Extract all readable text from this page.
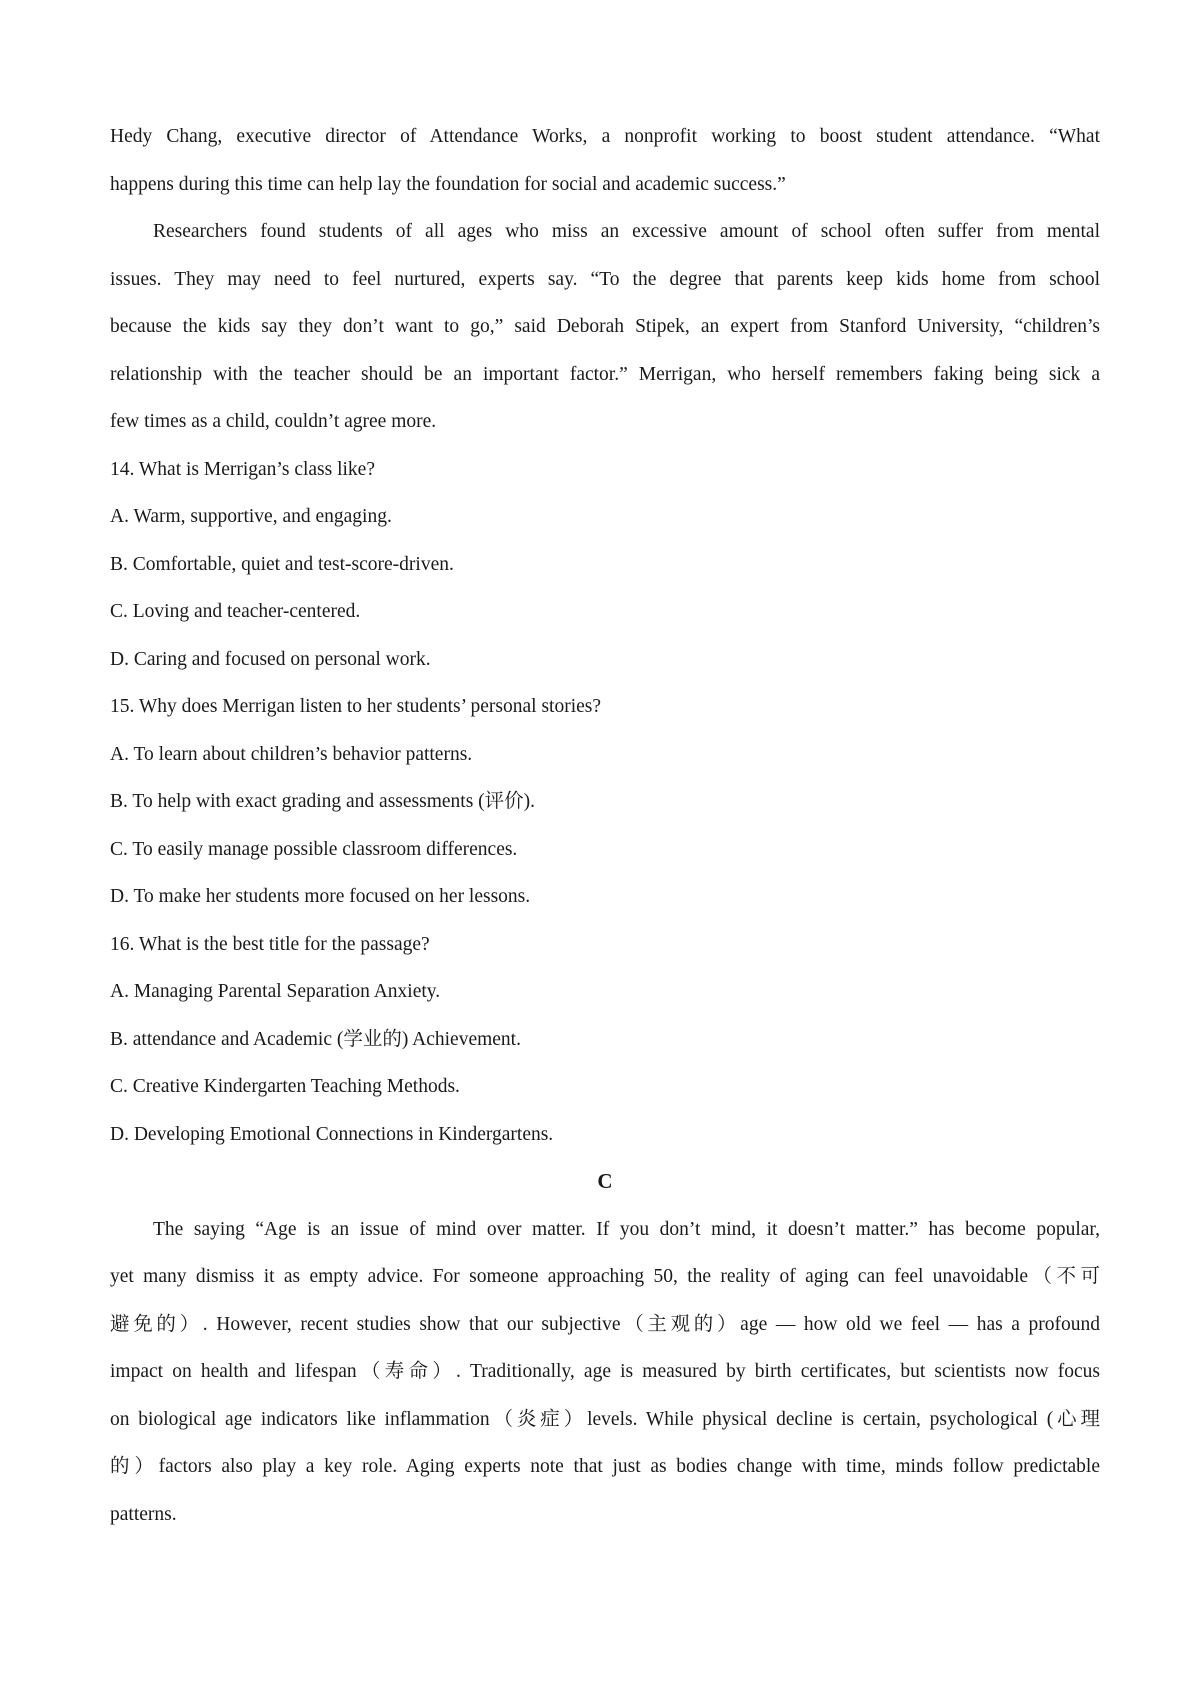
Hedy Chang, executive director of Attendance Works, a nonprofit working to boost student attendance. “What
happens during this time can help lay the foundation for social and academic success.”
Researchers found students of all ages who miss an excessive amount of school often suffer from mental
issues. They may need to feel nurtured, experts say. “To the degree that parents keep kids home from school
because the kids say they don’t want to go,” said Deborah Stipek, an expert from Stanford University, “children’s
relationship with the teacher should be an important factor.” Merrigan, who herself remembers faking being sick a
few times as a child, couldn’t agree more.
14. What is Merrigan’s class like?
A. Warm, supportive, and engaging.
B. Comfortable, quiet and test-score-driven.
C. Loving and teacher-centered.
D. Caring and focused on personal work.
15. Why does Merrigan listen to her students’ personal stories?
A. To learn about children’s behavior patterns.
B. To help with exact grading and assessments (评价).
C. To easily manage possible classroom differences.
D. To make her students more focused on her lessons.
16. What is the best title for the passage?
A. Managing Parental Separation Anxiety.
B. attendance and Academic (学业的) Achievement.
C. Creative Kindergarten Teaching Methods.
D. Developing Emotional Connections in Kindergartens.
C
The saying “Age is an issue of mind over matter. If you don’t mind, it doesn’t matter.” has become popular,
yet many dismiss it as empty advice. For someone approaching 50, the reality of aging can feel unavoidable（不可
避免的）. However, recent studies show that our subjective（主观的）age — how old we feel — has a profound
impact on health and lifespan（寿命）. Traditionally, age is measured by birth certificates, but scientists now focus
on biological age indicators like inflammation（炎症）levels. While physical decline is certain, psychological (心理
的）factors also play a key role. Aging experts note that just as bodies change with time, minds follow predictable
patterns.
